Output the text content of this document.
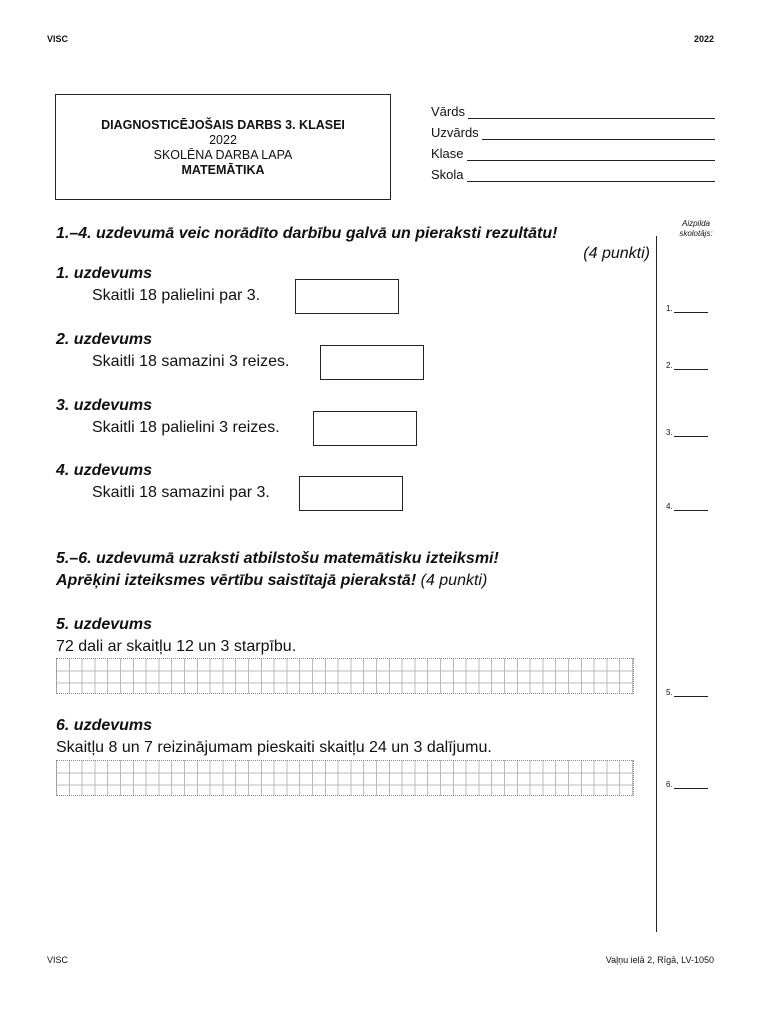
VISC	2022
DIAGNOSTICĒJOŠAIS DARBS 3. KLASEI
2022
SKOLĒNA DARBA LAPA
MATEMĀTIKA
Vārds
Uzvārds
Klase
Skola
Aizpilda
skolotājs:
1.
2.
3.
4.
5.
6.
1.–4. uzdevumā veic norādīto darbību galvā un pieraksti rezultātu!
(4 punkti)
1. uzdevums
Skaitli 18 palielini par 3.
2. uzdevums
Skaitli 18 samazini 3 reizes.
3. uzdevums
Skaitli 18 palielini 3 reizes.
4. uzdevums
Skaitli 18 samazini par 3.
5.–6. uzdevumā uzraksti atbilstošu matemātisku izteiksmi!
Aprēķini izteiksmes vērtību saistītajā pierakstā! (4 punkti)
5. uzdevums
72 dali ar skaitļu 12 un 3 starpību.
6. uzdevums
Skaitļu 8 un 7 reizinājumam pieskaiti skaitļu 24 un 3 dalījumu.
VISC	Vaļņu ielā 2, Rīgā, LV-1050
